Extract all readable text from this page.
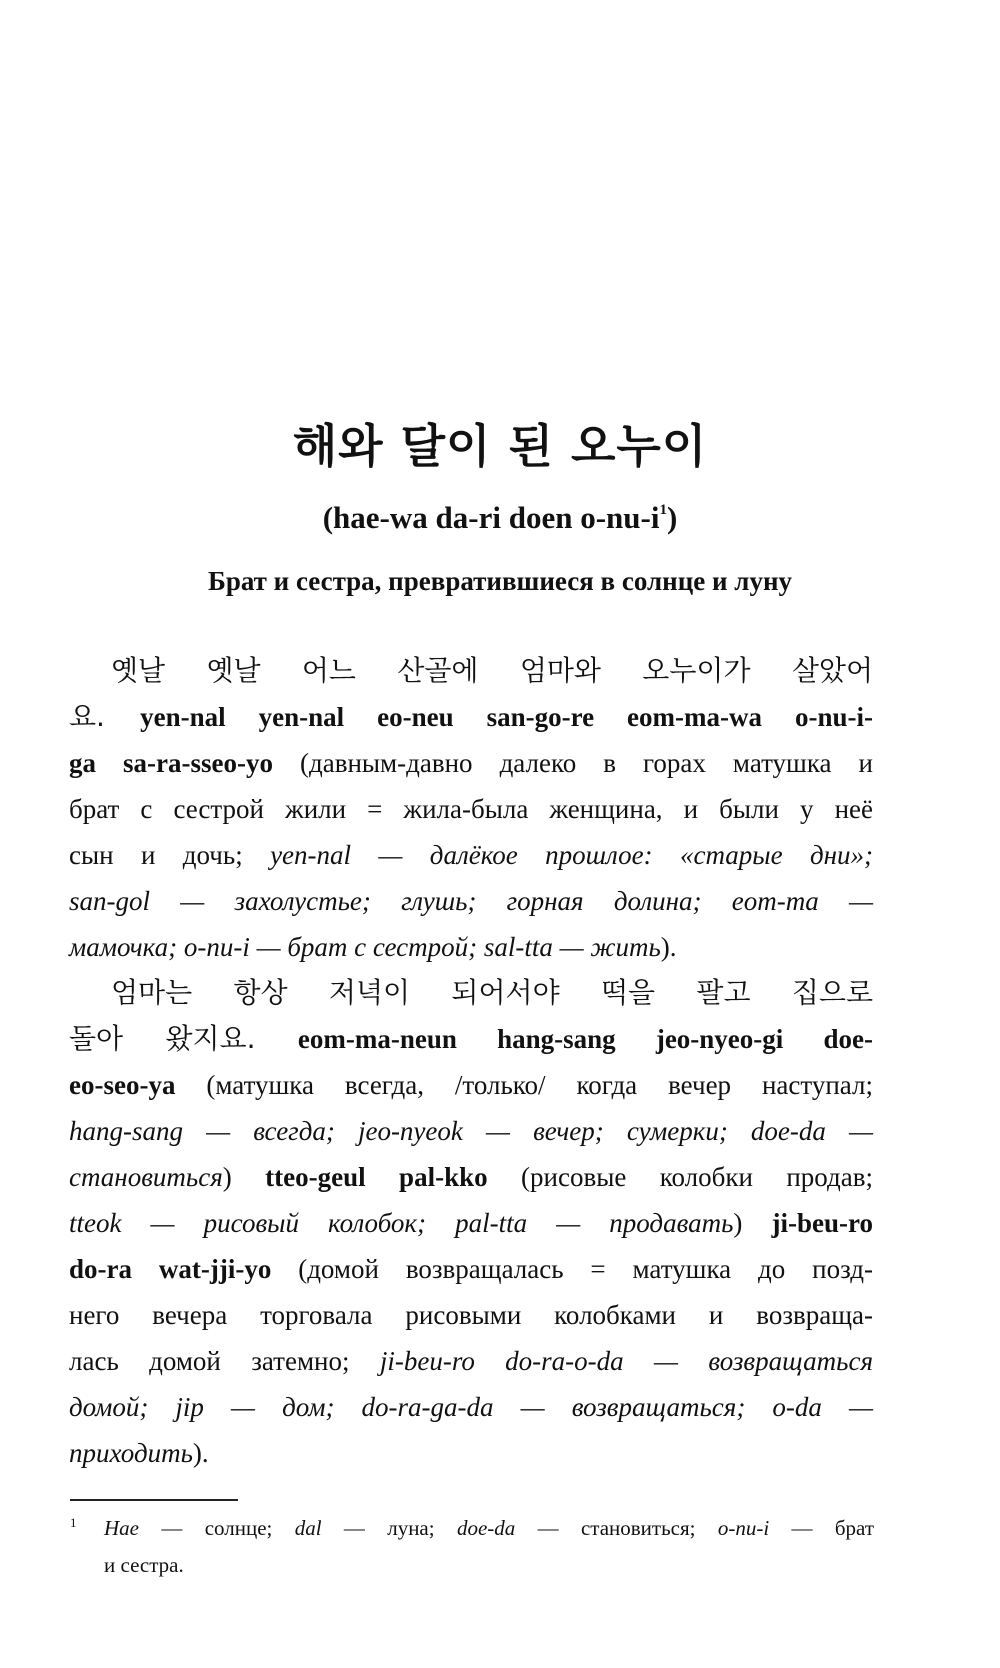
해와 달이 된 오누이
(hae-wa da-ri doen $o-nu-i^1$)
Брат и сестра, превратившиеся в солнце и луну
옛날 옛날 어느 산골에 엄마와 오누이가 살았어
요. yen-nal yen-nal eo-neu san-go-re eom-ma-wa o-nu-i-
ga sa-ra-sseo-yo (давным-давно далеко в горах матушка и
брат с сестрой жили = жила-была женщина, и были у неё
сын и дочь; yen-nal — далёкое прошлое: «старые дни»;
san-gol — захолустье; глушь; горная долина; eom-ma —
мамочка; o-nu-i — брат с сестрой; sal-tta — жить).
엄마는 항상 저녁이 되어서야 떡을 팔고 집으로
돌아 왔지요. eom-ma-neun hang-sang jeo-nyeo-gi doe-
eo-seo-ya (матушка всегда, /только/ когда вечер наступал;
hang-sang — всегда; jeo-nyeok — вечер; сумерки; doe-da —
становиться) tteo-geul pal-kko (рисовые колобки продав;
tteok — рисовый колобок; pal-tta — продавать) ji-beu-ro
do-ra wat-jji-yo (домой возвращалась = матушка до позд-
него вечера торговала рисовыми колобками и возвраща-
лась домой затемно; ji-beu-ro do-ra-o-da — возвращаться
домой; jip — дом; do-ra-ga-da — возвращаться; o-da —
приходить).
1	Hae — солнце; dal — луна; doe-da — становиться; o-nu-i — брат
и сестра.
